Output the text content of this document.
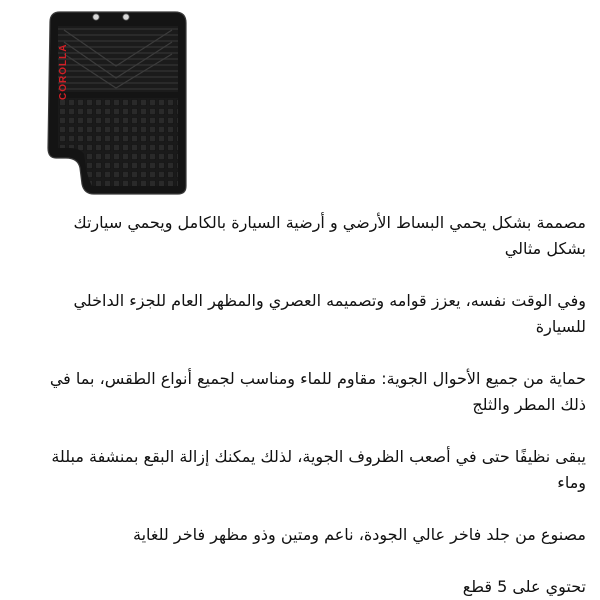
COROLLA

مصممة بشكل يحمي البساط الأرضي و أرضية السيارة بالكامل ويحمي سيارتك بشكل مثالي

وفي الوقت نفسه، يعزز قوامه وتصميمه العصري والمظهر العام للجزء الداخلي للسيارة

حماية من جميع الأحوال الجوية: مقاوم للماء ومناسب لجميع أنواع الطقس، بما في ذلك المطر والثلج

يبقى نظيفًا حتى في أصعب الظروف الجوية، لذلك يمكنك إزالة البقع بمنشفة مبللة وماء

مصنوع من جلد فاخر عالي الجودة، ناعم ومتين وذو مظهر فاخر للغاية

تحتوي على 5 قطع
